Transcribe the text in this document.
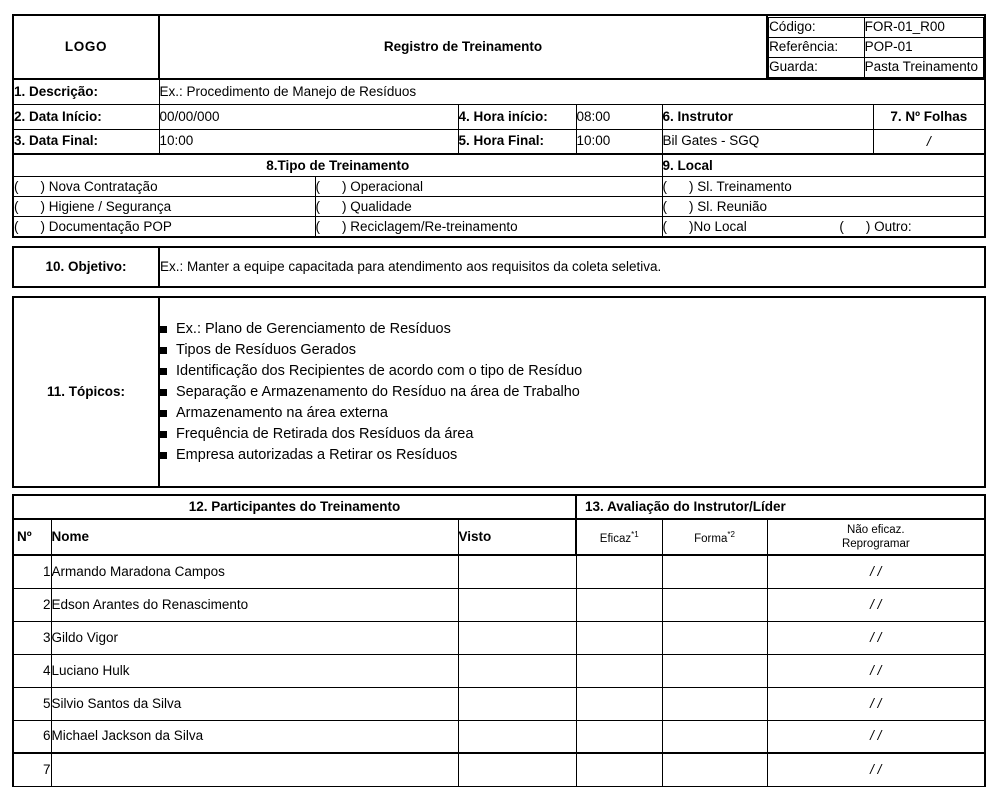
LOGO	Registro de Treinamento	
Código:	FOR-01_R00
Referência:	POP-01
Guarda:	Pasta Treinamento

1. Descrição:	Ex.: Procedimento de Manejo de Resíduos
2. Data Início:	00/00/000	4. Hora início:	08:00	6. Instrutor	7. Nº Folhas
3. Data Final:	10:00	5. Hora Final:	10:00	Bil Gates - SGQ	/
8.Tipo de Treinamento	9. Local
( ) Nova Contratação	( ) Operacional	( ) Sl. Treinamento
( ) Higiene / Segurança	( ) Qualidade	( ) Sl. Reunião
( ) Documentação POP	( ) Reciclagem/Re-treinamento	( )No Local	( ) Outro:

10. Objetivo:	Ex.: Manter a equipe capacitada para atendimento aos requisitos da coleta seletiva.

11. Tópicos:	
Ex.: Plano de Gerenciamento de Resíduos
Tipos de Resíduos Gerados
Identificação dos Recipientes de acordo com o tipo de Resíduo
Separação e Armazenamento do Resíduo na área de Trabalho
Armazenamento na área externa
Frequência de Retirada dos Resíduos da área
Empresa autorizadas a Retirar os Resíduos

12. Participantes do Treinamento	13. Avaliação do Instrutor/Líder
Nº	Nome	Visto	Eficaz$^{*1}$	Forma$^{*2}$	Não eficaz.
Reprogramar

1	Armando Maradona Campos				/ /
2	Edson Arantes do Renascimento				/ /
3	Gildo Vigor				/ /
4	Luciano Hulk				/ /
5	Silvio Santos da Silva				/ /
6	Michael Jackson da Silva				/ /
7					/ /
